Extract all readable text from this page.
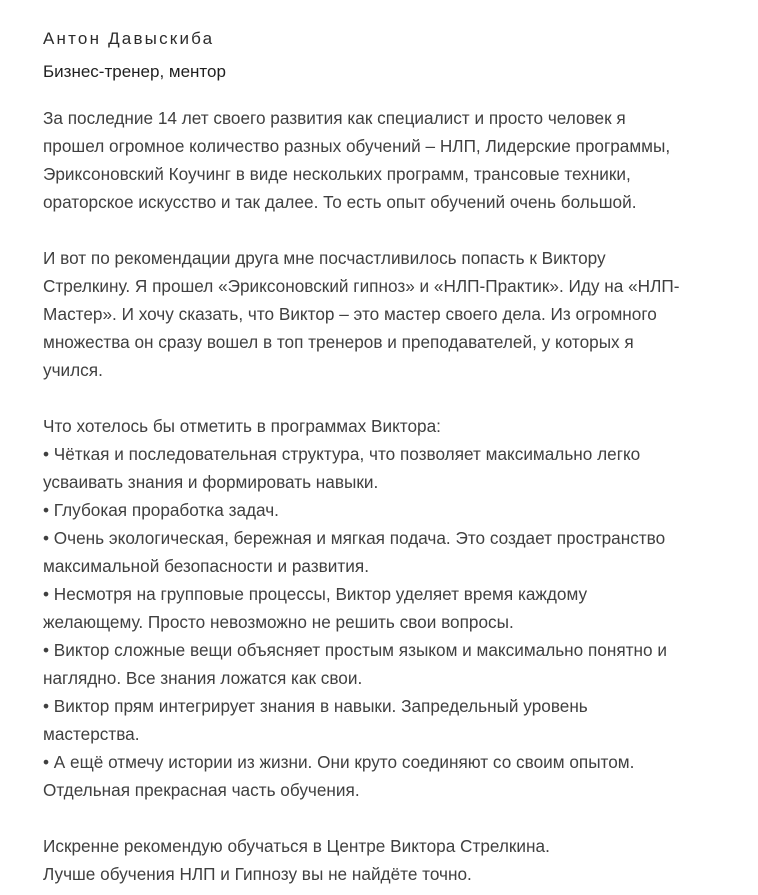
Антон Давыскиба

Бизнес-тренер, ментор

За последние 14 лет своего развития как специалист и просто человек я
прошел огромное количество разных обучений – НЛП, Лидерские программы,
Эриксоновский Коучинг в виде нескольких программ, трансовые техники,
ораторское искусство и так далее. То есть опыт обучений очень большой.

И вот по рекомендации друга мне посчастливилось попасть к Виктору
Стрелкину. Я прошел «Эриксоновский гипноз» и «НЛП-Практик». Иду на «НЛП-
Мастер». И хочу сказать, что Виктор – это мастер своего дела. Из огромного
множества он сразу вошел в топ тренеров и преподавателей, у которых я
учился.

Что хотелось бы отметить в программах Виктора:
• Чёткая и последовательная структура, что позволяет максимально легко
усваивать знания и формировать навыки.
• Глубокая проработка задач.
• Очень экологическая, бережная и мягкая подача. Это создает пространство
максимальной безопасности и развития.
• Несмотря на групповые процессы, Виктор уделяет время каждому
желающему. Просто невозможно не решить свои вопросы.
• Виктор сложные вещи объясняет простым языком и максимально понятно и
наглядно. Все знания ложатся как свои.
• Виктор прям интегрирует знания в навыки. Запредельный уровень
мастерства.
• А ещё отмечу истории из жизни. Они круто соединяют со своим опытом.
Отдельная прекрасная часть обучения.

Искренне рекомендую обучаться в Центре Виктора Стрелкина.
Лучше обучения НЛП и Гипнозу вы не найдёте точно.
